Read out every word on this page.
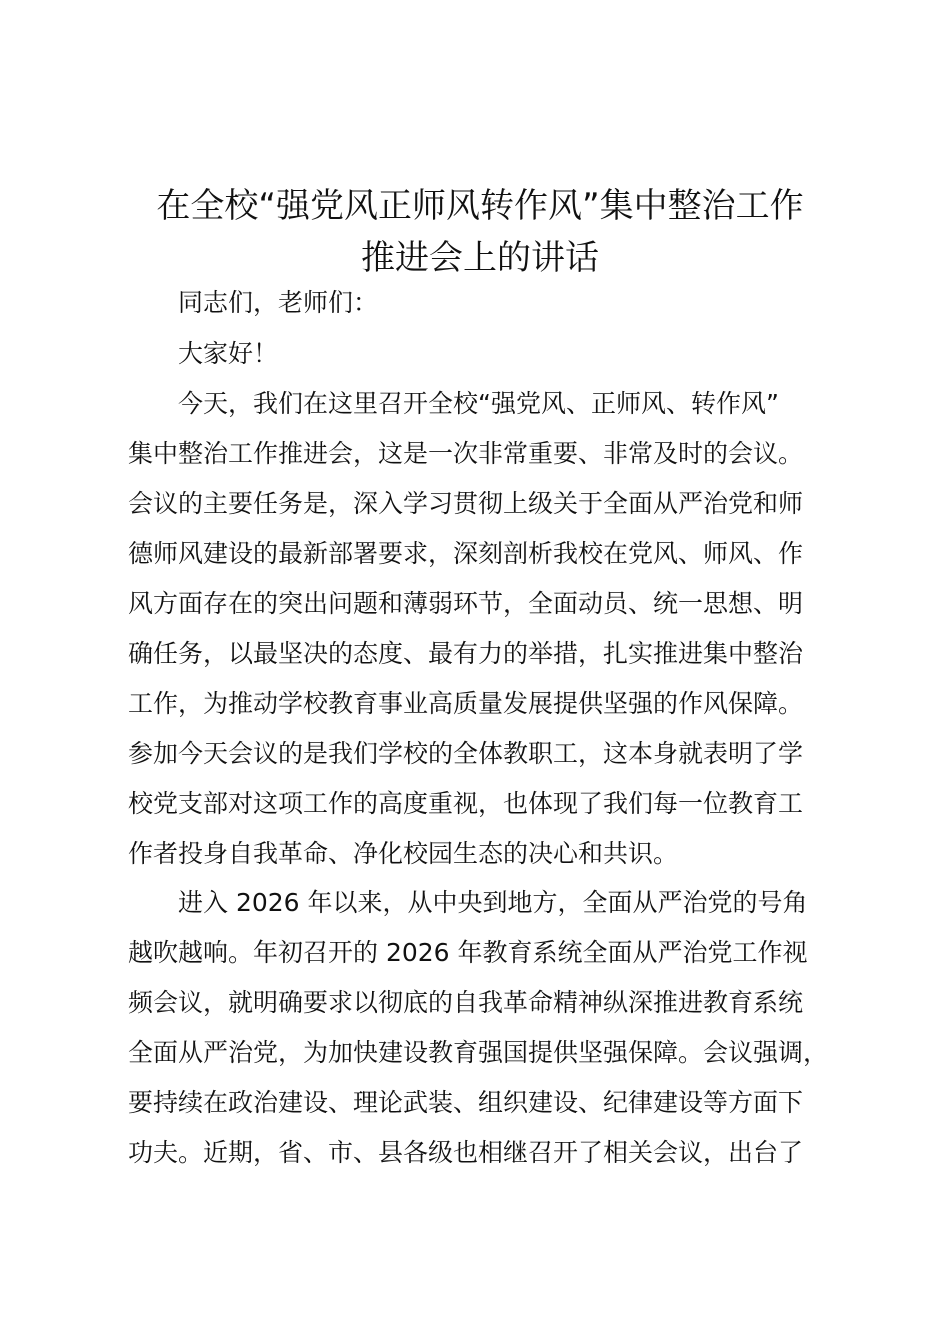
在全校“强党风正师风转作风”集中整治工作
推进会上的讲话
同志们，老师们：
大家好！
今天，我们在这里召开全校“强党风、正师风、转作风”
集中整治工作推进会，这是一次非常重要、非常及时的会议。
会议的主要任务是，深入学习贯彻上级关于全面从严治党和师
德师风建设的最新部署要求，深刻剖析我校在党风、师风、作
风方面存在的突出问题和薄弱环节，全面动员、统一思想、明
确任务，以最坚决的态度、最有力的举措，扎实推进集中整治
工作，为推动学校教育事业高质量发展提供坚强的作风保障。
参加今天会议的是我们学校的全体教职工，这本身就表明了学
校党支部对这项工作的高度重视，也体现了我们每一位教育工
作者投身自我革命、净化校园生态的决心和共识。
进入 2026 年以来，从中央到地方，全面从严治党的号角
越吹越响。年初召开的 2026 年教育系统全面从严治党工作视
频会议，就明确要求以彻底的自我革命精神纵深推进教育系统
全面从严治党，为加快建设教育强国提供坚强保障。会议强调，
要持续在政治建设、理论武装、组织建设、纪律建设等方面下
功夫。近期，省、市、县各级也相继召开了相关会议，出台了
